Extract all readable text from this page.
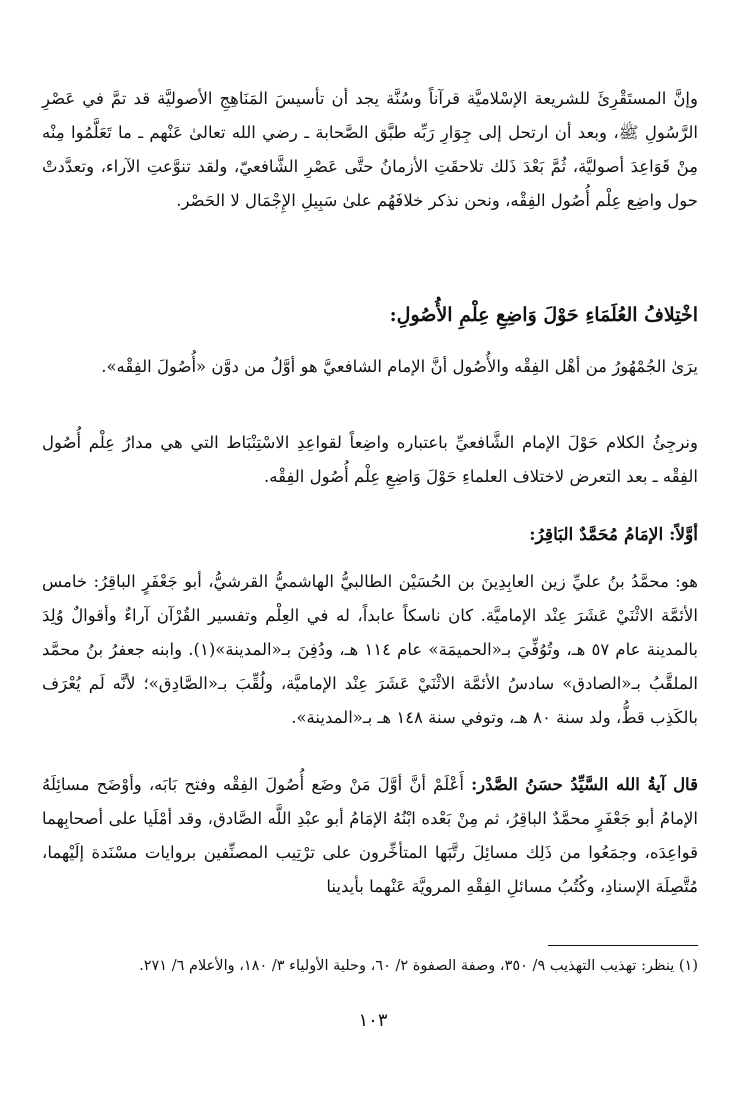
وإنَّ المستَقْرِئَ للشريعة الإسْلاميَّة قرآناً وسُنَّة يجد أن تأسيسَ المَنَاهِجِ الأصوليَّة قد تمَّ في عَصْرِ الرَّسُولِ ﷺ، وبعد أن ارتحل إلى جِوَارِ رَبِّه طبَّق الصَّحابة ـ رضي الله تعالىٰ عَنْهم ـ ما تَعَلَّمُوا مِنْه مِنْ قَوَاعِدَ أصوليَّة، ثُمَّ بَعْدَ ذَلك تلاحقَتِ الأزمانُ حتَّى عَصْرِ الشَّافعيّ، ولقد تنوَّعتِ الآراء، وتعدَّدتْ حول واضِع عِلْم أُصُول الفِقْه، ونحن نذكر خلافَهُم علىٰ سَبِيلِ الإِجْمَال لا الحَصْر.

اخْتِلافُ العُلَمَاءِ حَوْلَ وَاضِعِ عِلْمِ الأُصُولِ:

يرَىٰ الجُمْهُورُ من أهْل الفِقْه والأُصُول أنَّ الإمام الشافعيَّ هو أوَّلُ من دوَّن «أُصُولَ الفِقْه».

ونرجِئُ الكلام حَوْلَ الإمام الشَّافعيِّ باعتباره واضِعاً لقواعِدِ الاسْتِنْبَاط التي هي مدارُ عِلْم أُصُول الفِقْه ـ بعد التعرض لاختلاف العلماءِ حَوْلَ وَاضِعِ عِلْم أُصُول الفِقْه.

أوَّلاً: الإمَامُ مُحَمَّدٌ البَاقِرُ:

هو: محمَّدُ بنُ عليِّ زين العابِدِينَ بن الحُسَيْن الطالبيُّ الهاشميُّ القرشيُّ، أبو جَعْفَرٍ الباقِرُ: خامس الأئمَّة الاثْنَيْ عَشَرَ عِنْد الإماميَّة. كان ناسكاً عابداً، له في العِلْم وتفسير القُرْآن آراءٌ وأقوالٌ وُلِدَ بالمدينة عام ٥٧ هـ، وتُوُفِّيَ بـ«الحميمَة» عام ١١٤ هـ، ودُفِنَ بـ«المدينة»(١). وابنه جعفرُ بنُ محمَّد الملقَّبُ بـ«الصادق» سادسُ الأئمَّة الاثْنَيْ عَشَرَ عِنْد الإماميَّة، ولُقِّبَ بـ«الصَّادِق»؛ لأنَّه لَم يُعْرَف بالكَذِب قطُّ، ولد سنة ٨٠ هـ، وتوفي سنة ١٤٨ هـ بـ«المدينة».

قال آيةُ الله السَّيِّدُ حسَنُ الصَّدْر: أَعْلَمْ أنَّ أوَّلَ مَنْ وضَع أُصُولَ الفِقْه وفتح بَابَه، وأوْضَح مسائِلَهُ الإمامُ أبو جَعْفَرٍ محمَّدٌ الباقِرُ، ثم مِنْ بَعْده ابْنُهُ الإمَامُ أبو عبْدِ اللَّه الصَّادق، وقد أمْلَيا على أصحابِهما قواعِدَه، وجمَعُوا من ذَلِك مسائِلَ رتَّبَها المتأخِّرون على ترْتِيب المصنِّفين بروايات مسْنَدة إلَيْهما، مُتَّصِلَة الإسنادِ، وكُتُبُ مسائلِ الفِقْهِ المرويَّة عَنْهما بأيدينا

(١) ينظر: تهذيب التهذيب ٩/ ٣٥٠، وصفة الصفوة ٢/ ٦٠، وحلية الأولياء ٣/ ١٨٠، والأعلام ٦/ ٢٧١.

١٠٣
